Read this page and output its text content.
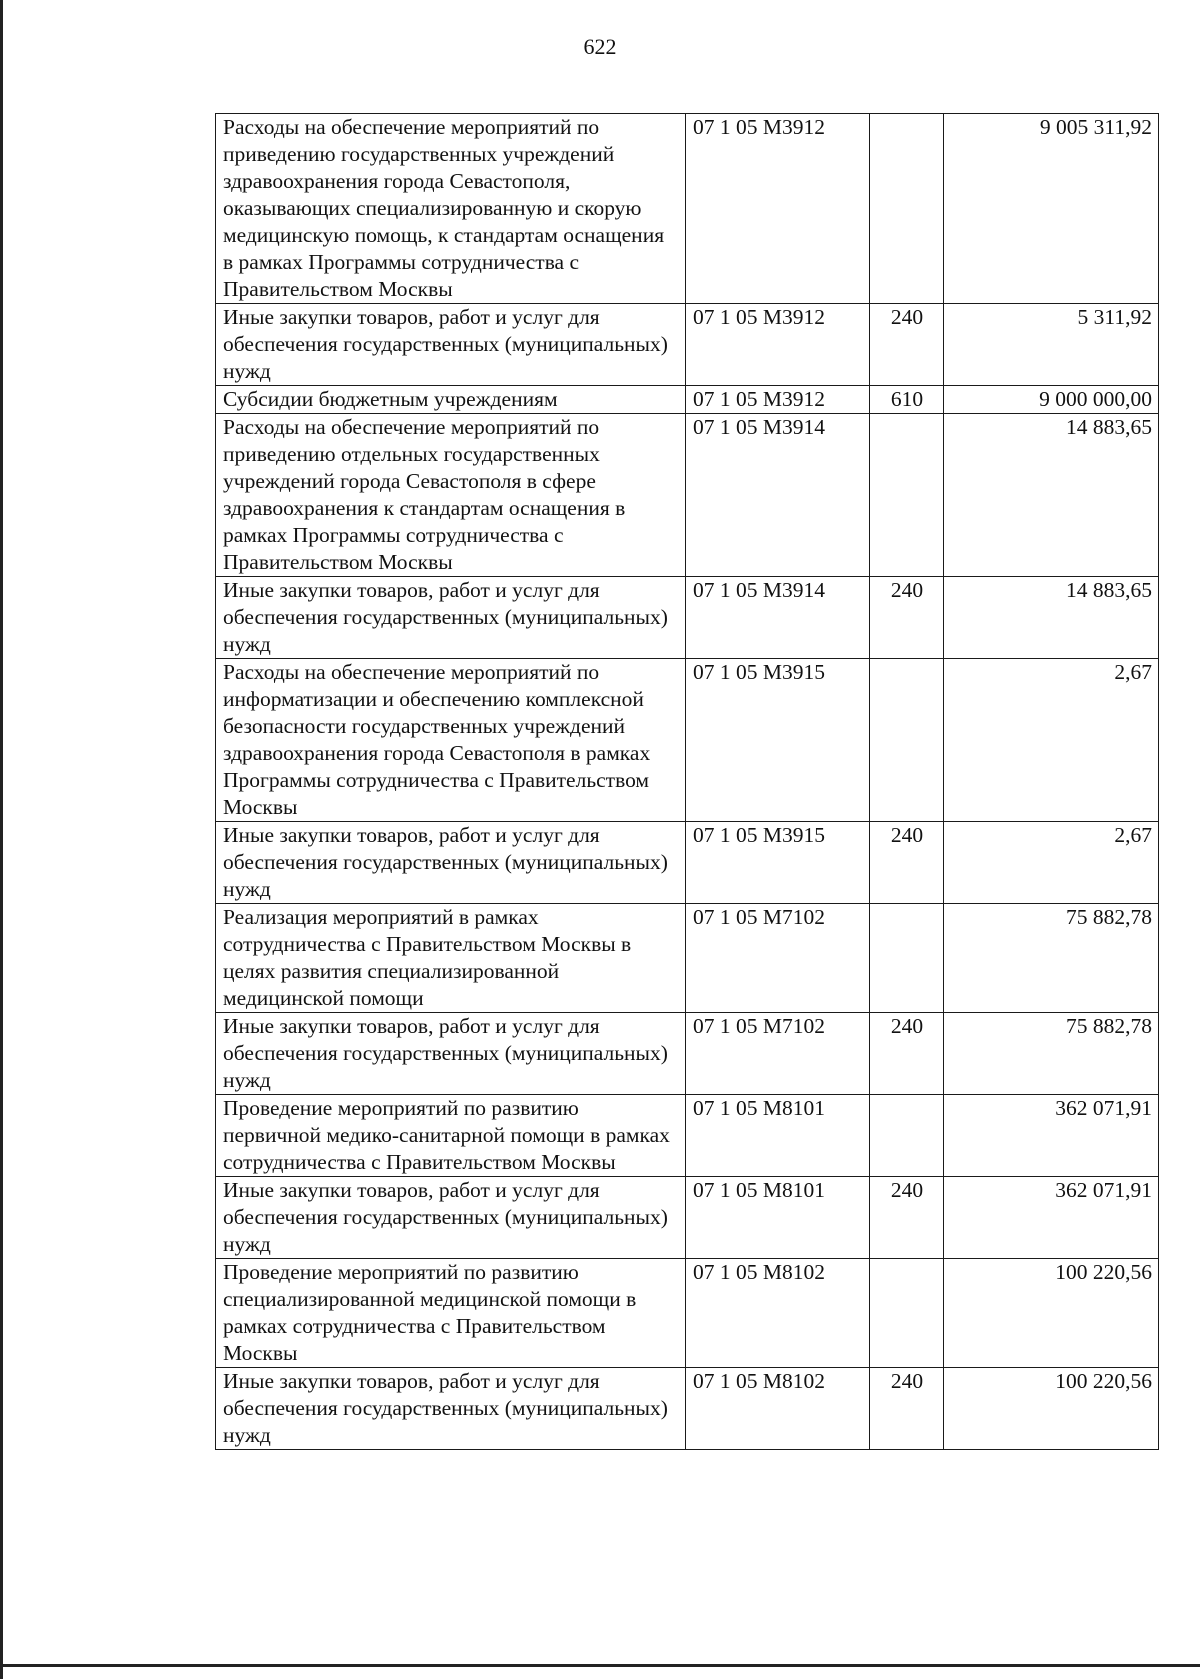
622
Расходы на обеспечение мероприятий по приведению государственных учреждений здравоохранения города Севастополя, оказывающих специализированную и скорую медицинскую помощь, к стандартам оснащения в рамках Программы сотрудничества с Правительством Москвы	07 1 05 М3912		9 005 311,92
Иные закупки товаров, работ и услуг для обеспечения государственных (муниципальных) нужд	07 1 05 М3912	240	5 311,92
Субсидии бюджетным учреждениям	07 1 05 М3912	610	9 000 000,00
Расходы на обеспечение мероприятий по приведению отдельных государственных учреждений города Севастополя в сфере здравоохранения к стандартам оснащения в рамках Программы сотрудничества с Правительством Москвы	07 1 05 М3914		14 883,65
Иные закупки товаров, работ и услуг для обеспечения государственных (муниципальных) нужд	07 1 05 М3914	240	14 883,65
Расходы на обеспечение мероприятий по информатизации и обеспечению комплексной безопасности государственных учреждений здравоохранения города Севастополя в рамках Программы сотрудничества с Правительством Москвы	07 1 05 М3915		2,67
Иные закупки товаров, работ и услуг для обеспечения государственных (муниципальных) нужд	07 1 05 М3915	240	2,67
Реализация мероприятий в рамках сотрудничества с Правительством Москвы в целях развития специализированной медицинской помощи	07 1 05 М7102		75 882,78
Иные закупки товаров, работ и услуг для обеспечения государственных (муниципальных) нужд	07 1 05 М7102	240	75 882,78
Проведение мероприятий по развитию первичной медико-санитарной помощи в рамках сотрудничества с Правительством Москвы	07 1 05 М8101		362 071,91
Иные закупки товаров, работ и услуг для обеспечения государственных (муниципальных) нужд	07 1 05 М8101	240	362 071,91
Проведение мероприятий по развитию специализированной медицинской помощи в рамках сотрудничества с Правительством Москвы	07 1 05 М8102		100 220,56
Иные закупки товаров, работ и услуг для обеспечения государственных (муниципальных) нужд	07 1 05 М8102	240	100 220,56
